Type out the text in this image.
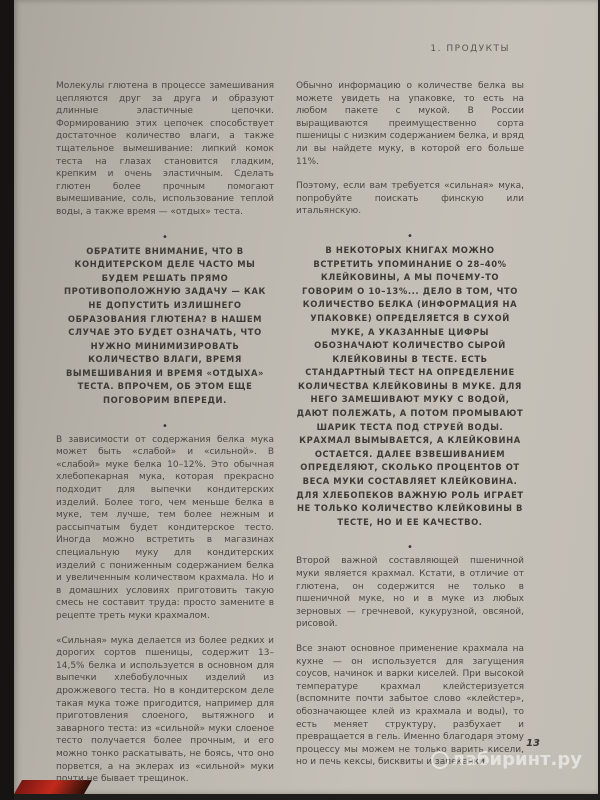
1. ПРОДУКТЫ

Молекулы глютена в процессе замешивания цепляются друг за друга и образуют длинные эластичные цепочки. Формированию этих цепочек способствует достаточное количество влаги, а также тщательное вымешивание: липкий комок теста на глазах становится гладким, крепким и очень эластичным. Сделать глютен более прочным помогают вымешивание, соль, использование теплой воды, а также время — «отдых» теста.

•

ОБРАТИТЕ ВНИМАНИЕ, ЧТО В КОНДИТЕРСКОМ ДЕЛЕ ЧАСТО МЫ БУДЕМ РЕШАТЬ ПРЯМО ПРОТИВОПОЛОЖНУЮ ЗАДАЧУ — КАК НЕ ДОПУСТИТЬ ИЗЛИШНЕГО ОБРАЗОВАНИЯ ГЛЮТЕНА? В НАШЕМ СЛУЧАЕ ЭТО БУДЕТ ОЗНАЧАТЬ, ЧТО НУЖНО МИНИМИЗИРОВАТЬ КОЛИЧЕСТВО ВЛАГИ, ВРЕМЯ ВЫМЕШИВАНИЯ И ВРЕМЯ «ОТДЫХА» ТЕСТА. ВПРОЧЕМ, ОБ ЭТОМ ЕЩЕ ПОГОВОРИМ ВПЕРЕДИ.

•

В зависимости от содержания белка мука может быть «слабой» и «сильной». В «слабой» муке белка 10–12%. Это обычная хлебопекарная мука, которая прекрасно подходит для выпечки кондитерских изделий. Более того, чем меньше белка в муке, тем лучше, тем более нежным и рассыпчатым будет кондитерское тесто. Иногда можно встретить в магазинах специальную муку для кондитерских изделий с пониженным содержанием белка и увеличенным количеством крахмала. Но и в домашних условиях приготовить такую смесь не составит труда: просто замените в рецепте треть муки крахмалом.

«Сильная» мука делается из более редких и дорогих сортов пшеницы, содержит 13–14,5% белка и используется в основном для выпечки хлебобулочных изделий из дрожжевого теста. Но в кондитерском деле такая мука тоже пригодится, например для приготовления слоеного, вытяжного и заварного теста: из «сильной» муки слоеное тесто получается более прочным, и его можно тонко раскатывать, не боясь, что оно порвется, а на эклерах из «сильной» муки почти не бывает трещинок.

Обычно информацию о количестве белка вы можете увидеть на упаковке, то есть на любом пакете с мукой. В России выращиваются преимущественно сорта пшеницы с низким содержанием белка, и вряд ли вы найдете муку, в которой его больше 11%.

Поэтому, если вам требуется «сильная» мука, попробуйте поискать финскую или итальянскую.

•

В НЕКОТОРЫХ КНИГАХ МОЖНО ВСТРЕТИТЬ УПОМИНАНИЕ О 28–40% КЛЕЙКОВИНЫ, А МЫ ПОЧЕМУ-ТО ГОВОРИМ О 10–13%... ДЕЛО В ТОМ, ЧТО КОЛИЧЕСТВО БЕЛКА (ИНФОРМАЦИЯ НА УПАКОВКЕ) ОПРЕДЕЛЯЕТСЯ В СУХОЙ МУКЕ, А УКАЗАННЫЕ ЦИФРЫ ОБОЗНАЧАЮТ КОЛИЧЕСТВО СЫРОЙ КЛЕЙКОВИНЫ В ТЕСТЕ. ЕСТЬ СТАНДАРТНЫЙ ТЕСТ НА ОПРЕДЕЛЕНИЕ КОЛИЧЕСТВА КЛЕЙКОВИНЫ В МУКЕ. ДЛЯ НЕГО ЗАМЕШИВАЮТ МУКУ С ВОДОЙ, ДАЮТ ПОЛЕЖАТЬ, А ПОТОМ ПРОМЫВАЮТ ШАРИК ТЕСТА ПОД СТРУЕЙ ВОДЫ. КРАХМАЛ ВЫМЫВАЕТСЯ, А КЛЕЙКОВИНА ОСТАЕТСЯ. ДАЛЕЕ ВЗВЕШИВАНИЕМ ОПРЕДЕЛЯЮТ, СКОЛЬКО ПРОЦЕНТОВ ОТ ВЕСА МУКИ СОСТАВЛЯЕТ КЛЕЙКОВИНА. ДЛЯ ХЛЕБОПЕКОВ ВАЖНУЮ РОЛЬ ИГРАЕТ НЕ ТОЛЬКО КОЛИЧЕСТВО КЛЕЙКОВИНЫ В ТЕСТЕ, НО И ЕЕ КАЧЕСТВО.

•

Второй важной составляющей пшеничной муки является крахмал. Кстати, в отличие от глютена, он содержится не только в пшеничной муке, но и в муке из любых зерновых — гречневой, кукурузной, овсяной, рисовой.

Все знают основное применение крахмала на кухне — он используется для загущения соусов, начинок и варки киселей. При высокой температуре крахмал клейстеризуется (вспомните почти забытое слово «клейстер», обозначающее клей из крахмала и воды), то есть меняет структуру, разбухает и превращается в гель. Именно благодаря этому процессу мы можем не только варить кисели, но и печь кексы, бисквиты и запеканки.

13
лабиринт.ру
